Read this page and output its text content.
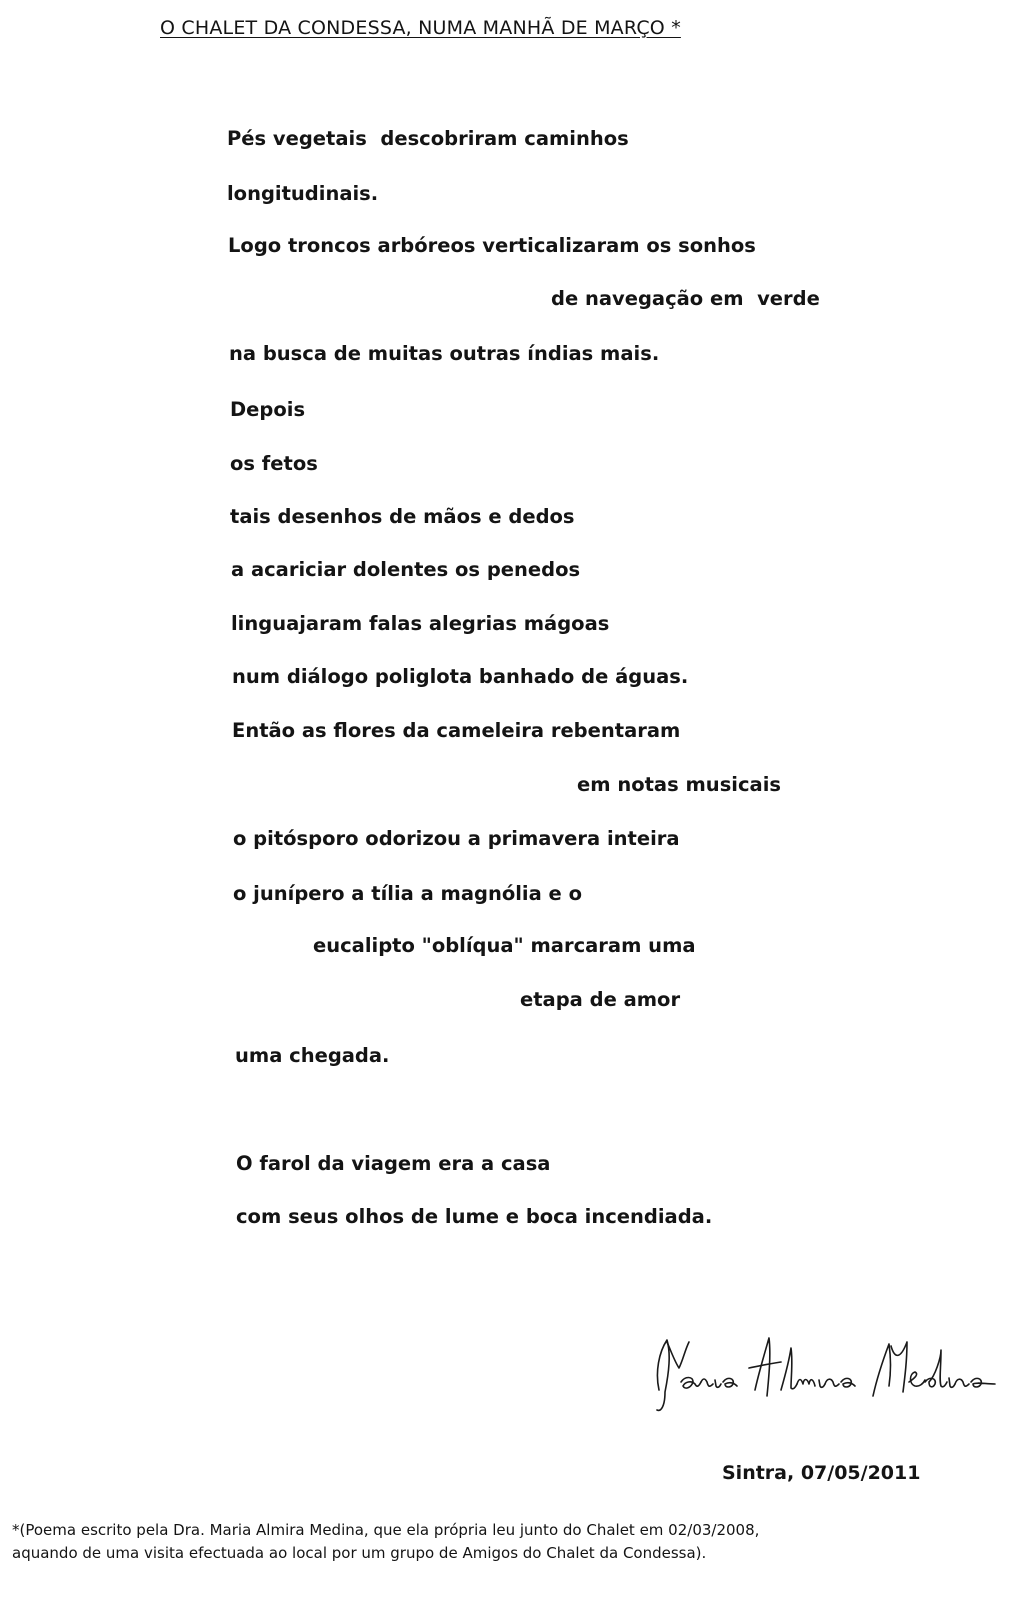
O CHALET DA CONDESSA, NUMA MANHÃ DE MARÇO *
Pés vegetais  descobriram caminhos
longitudinais.
Logo troncos arbóreos verticalizaram os sonhos
de navegação em  verde
na busca de muitas outras índias mais.
Depois
os fetos
tais desenhos de mãos e dedos
a acariciar dolentes os penedos
linguajaram falas alegrias mágoas
num diálogo poliglota banhado de águas.
Então as flores da cameleira rebentaram
em notas musicais
o pitósporo odorizou a primavera inteira
o junípero a tília a magnólia e o
eucalipto "oblíqua" marcaram uma
etapa de amor
uma chegada.
O farol da viagem era a casa
com seus olhos de lume e boca incendiada.
Sintra, 07/05/2011
*(Poema escrito pela Dra. Maria Almira Medina, que ela própria leu junto do Chalet em 02/03/2008,
aquando de uma visita efectuada ao local por um grupo de Amigos do Chalet da Condessa).
